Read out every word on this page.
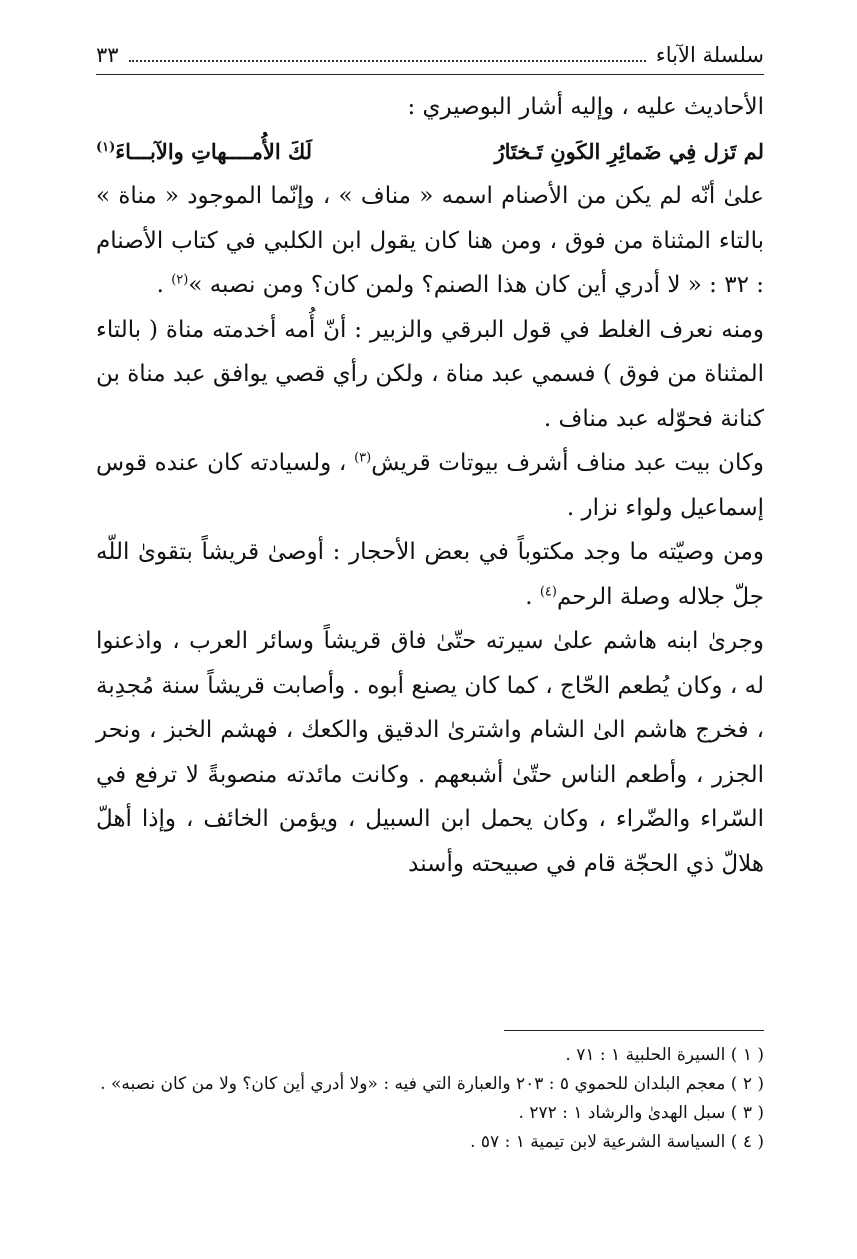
سلسلة الآباء
٣٣

الأحاديث عليه ، وإليه أشار البوصيري :

لم تَزل فِي ضَمائِرِ الكَونِ تَـختَارُ
لَكَ الأُمــــهاتِ والآبـــاءَ$^{(١)}$

علىٰ أنّه لم يكن من الأصنام اسمه « مناف » ، وإنّما الموجود « مناة » بالتاء المثناة من فوق ، ومن هنا كان يقول ابن الكلبي في كتاب الأصنام : ٣٢ : « لا أدري أين كان هذا الصنم؟ ولمن كان؟ ومن نصبه »$^{(٢)}$ .

ومنه نعرف الغلط في قول البرقي والزبير : أنّ أُمه أخدمته مناة ( بالتاء المثناة من فوق ) فسمي عبد مناة ، ولكن رأي قصي يوافق عبد مناة بن كنانة فحوّله عبد مناف .

وكان بيت عبد مناف أشرف بيوتات قريش$^{(٣)}$ ، ولسيادته كان عنده قوس إسماعيل ولواء نزار .

ومن وصيّته ما وجد مكتوباً في بعض الأحجار : أوصىٰ قريشاً بتقوىٰ اللّه جلّ جلاله وصلة الرحم$^{(٤)}$ .

وجرىٰ ابنه هاشم علىٰ سيرته حتّىٰ فاق قريشاً وسائر العرب ، واذعنوا له ، وكان يُطعم الحّاج ، كما كان يصنع أبوه . وأصابت قريشاً سنة مُجدِبة ، فخرج هاشم الىٰ الشام واشترىٰ الدقيق والكعك ، فهشم الخبز ، ونحر الجزر ، وأطعم الناس حتّىٰ أشبعهم . وكانت مائدته منصوبةً لا ترفع في السّراء والضّراء ، وكان يحمل ابن السبيل ، ويؤمن الخائف ، وإذا أهلّ هلالّ ذي الحجّة قام في صبيحته وأسند

( ١ ) السيرة الحلبية ١ : ٧١ .
( ٢ ) معجم البلدان للحموي ٥ : ٢٠٣ والعبارة التي فيه : «ولا أدري أين كان؟ ولا من كان نصبه» .
( ٣ ) سبل الهدىٰ والرشاد ١ : ٢٧٢ .
( ٤ ) السياسة الشرعية لابن تيمية ١ : ٥٧ .
